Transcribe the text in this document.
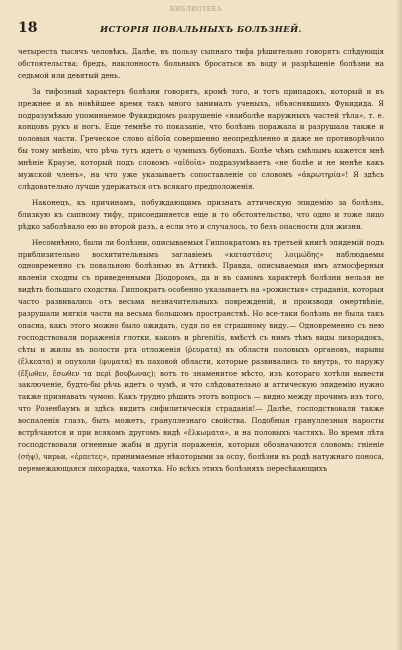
БИБЛИОТЕКА
18	ИСТОРІЯ ПОВАЛЬНЫХЪ БОЛѢЗНЕЙ.

четыреста тысячъ человѣкъ. Далѣе, въ пользу сыпнаго тифа рѣшительно говорятъ слѣдующія обстоятельства: бредъ, наклонность больныхъ бросаться въ воду и разрѣшеніе болѣзни на седьмой или девятый день.

За тифозный характеръ болѣзни говорятъ, кромѣ того, и тотъ припадокъ, который и въ прежнее и въ новѣйшее время такъ много занималъ ученыхъ, объяснявшихъ Фукидида. Я подразумѣваю упоминаемое Фукидидомъ разрушеніе «наиболѣе наружныхъ частей тѣла», т. е. концовъ рукъ и ногъ. Еще темнѣе то показаніе, что болѣзнь поражала и разрушала также и половыя части. Греческое слово αἰδοῖα совершенно неопредѣленно и даже не противорѣчило бы тому мнѣнію, что рѣчь тутъ идетъ о чумныхъ бубонахъ. Болѣе чѣмъ смѣлымъ кажется мнѣ мнѣніе Краузе, который подъ словомъ «αἰδοῖα» подразумѣваетъ «не болѣе и не менѣе какъ мужской членъ», на что уже указываетъ сопоставленіе со словомъ «ἀκρωτηρία»! Я здѣсь слѣдовательно лучше удержаться отъ всякаго предположенія.

Наконецъ, къ причинамъ, побуждающимъ признать аттическую эпидемію за болѣзнь, близкую къ сыпному тифу, присоединяется еще и то обстоятельство, что одно и тоже лицо рѣдко заболѣвало ею во второй разъ, а если это и случалось, то безъ опасности для жизни.

Несомнѣнно, были ли болѣзни, описываемыя Гиппократомъ въ третьей книгѣ эпидемій подъ приблизительно восхитительнымъ заглавіемъ «καταστάσις λοιμώδης» наблюдаемы одновременно съ повальною болѣзнью въ Аттикѣ. Правда, описываемыя имъ атмосферныя явленія сходны съ приведенными Діодоромъ, да и въ самомъ характерѣ болѣзни нельзя не видѣть большаго сходства. Гиппократъ особенно указываетъ на «рожистыя» страданія, которыя часто развивались отъ весьма незначительныхъ поврежденій, и производя омертвѣніе, разрушали мягкія части на весьма большомъ пространствѣ. Но все-таки болѣзнь не была такъ опасна, какъ этого можно было ожидать, судя по ея страшному виду.— Одновременно съ нею господствовали пораженія глотки, каковъ и phrenitis, вмѣстѣ съ нимъ тѣмъ виды лихорадокъ, сѣты и жилы въ полости рта отложенія (ῥευματα) въ области половыхъ органовъ, нарывы (ἕλκεατα) и опухоли (φυματα) въ паховой области, которые развивались то внутрь, то наружу (ἔξωθεν, ἔσωθεν τα περὶ βουβωνας); вотъ то знаменитое мѣсто, изъ котораго хотѣли вывести заключеніе, будто-бы рѣчь идетъ о чумѣ, и что слѣдовательно и аттическую эпидемію нужно также признавать чумою. Какъ трудно рѣшить этотъ вопросъ — видно между прочимъ изъ того, что Розенбаумъ и здѣсь видитъ сифилитическія страданія!— Далѣе, господствовали также воспаленія глазъ, быть можетъ, грануллезнаго свойства. Подобныя грануллезныя наросты встрѣчаются и при всякомъ другомъ видѣ «ἕλκωματα», и на половыхъ частяхъ. Во время лѣта господствовали огненные жабы и другія пораженія, которыя обозначаются словомъ: гніеніе (σήψ), чирьи, «ἐρπετες», принимаемые нѣкоторыми за оспу, болѣзни въ родѣ натужнаго поноса, перемежающаяся лихорадка, чахотка. Но всѣхъ этихъ болѣзняхъ пересѣкающихъ
